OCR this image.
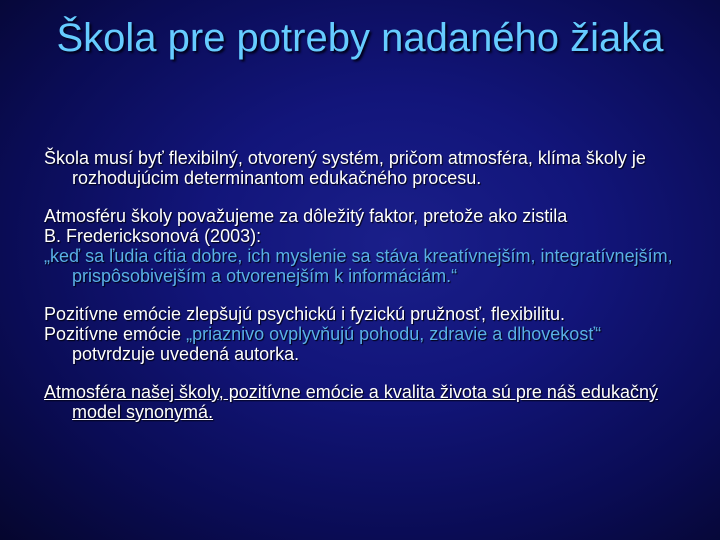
Škola pre potreby nadaného žiaka

Škola musí byť flexibilný, otvorený systém, pričom atmosféra, klíma školy je rozhodujúcim determinantom edukačného procesu.

Atmosféru školy považujeme za dôležitý faktor, pretože ako zistila

B. Fredericksonová (2003):

„keď sa ľudia cítia dobre, ich myslenie sa stáva kreatívnejším, integratívnejším, prispôsobivejším a otvorenejším k informáciám.“

Pozitívne emócie zlepšujú psychickú i fyzickú pružnosť, flexibilitu.

Pozitívne emócie „priaznivo ovplyvňujú pohodu, zdravie a dlhovekosť“ potvrdzuje uvedená autorka.

Atmosféra našej školy, pozitívne emócie a kvalita života sú pre náš edukačný model synonymá.
